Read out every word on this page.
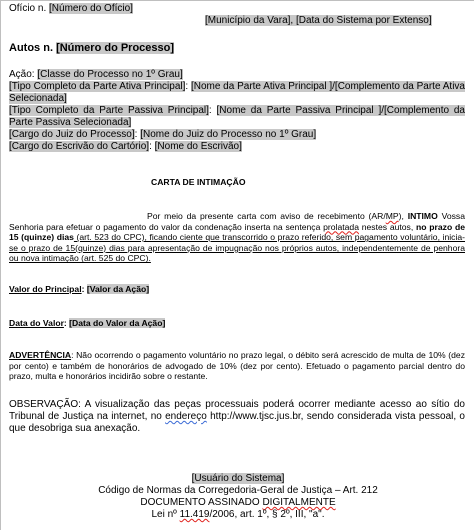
Ofício n. [Número do Ofício]
[Município da Vara], [Data do Sistema por Extenso]
Autos n. [Número do Processo]

Ação: [Classe do Processo no 1º Grau]

[Tipo Completo da Parte Ativa Principal]: [Nome da Parte Ativa Principal ]/[Complemento da Parte Ativa Selecionada]

[Tipo Completo da Parte Passiva Principal]: [Nome da Parte Passiva Principal ]/[Complemento da Parte Passiva Selecionada]

[Cargo do Juiz do Processo]: [Nome do Juiz do Processo no 1º Grau]

[Cargo do Escrivão do Cartório]: [Nome do Escrivão]

CARTA DE INTIMAÇÃO

Por meio da presente carta com aviso de recebimento (AR/MP), INTIMO Vossa Senhoria para efetuar o pagamento do valor da condenação inserta na sentença prolatada nestes autos, no prazo de 15 (quinze) dias (art. 523 do CPC), ficando ciente que transcorrido o prazo referido, sem pagamento voluntário, inicia-se o prazo de 15(quinze) dias para apresentação de impugnação nos próprios autos, independentemente de penhora ou nova intimação (art. 525 do CPC).

Valor do Principal: [Valor da Ação]
Data do Valor: [Data do Valor da Ação]

ADVERTÊNCIA: Não ocorrendo o pagamento voluntário no prazo legal, o débito será acrescido de multa de 10% (dez por cento) e também de honorários de advogado de 10% (dez por cento). Efetuado o pagamento parcial dentro do prazo, multa e honorários incidirão sobre o restante.

OBSERVAÇÃO: A visualização das peças processuais poderá ocorrer mediante acesso ao sítio do Tribunal de Justiça na internet, no endereço http://www.tjsc.jus.br, sendo considerada vista pessoal, o que desobriga sua anexação.

[Usuário do Sistema]

Código de Normas da Corregedoria-Geral de Justiça – Art. 212

DOCUMENTO ASSINADO DIGITALMENTE

Lei nº 11.419/2006, art. 1º, § 2º, III, "a".
